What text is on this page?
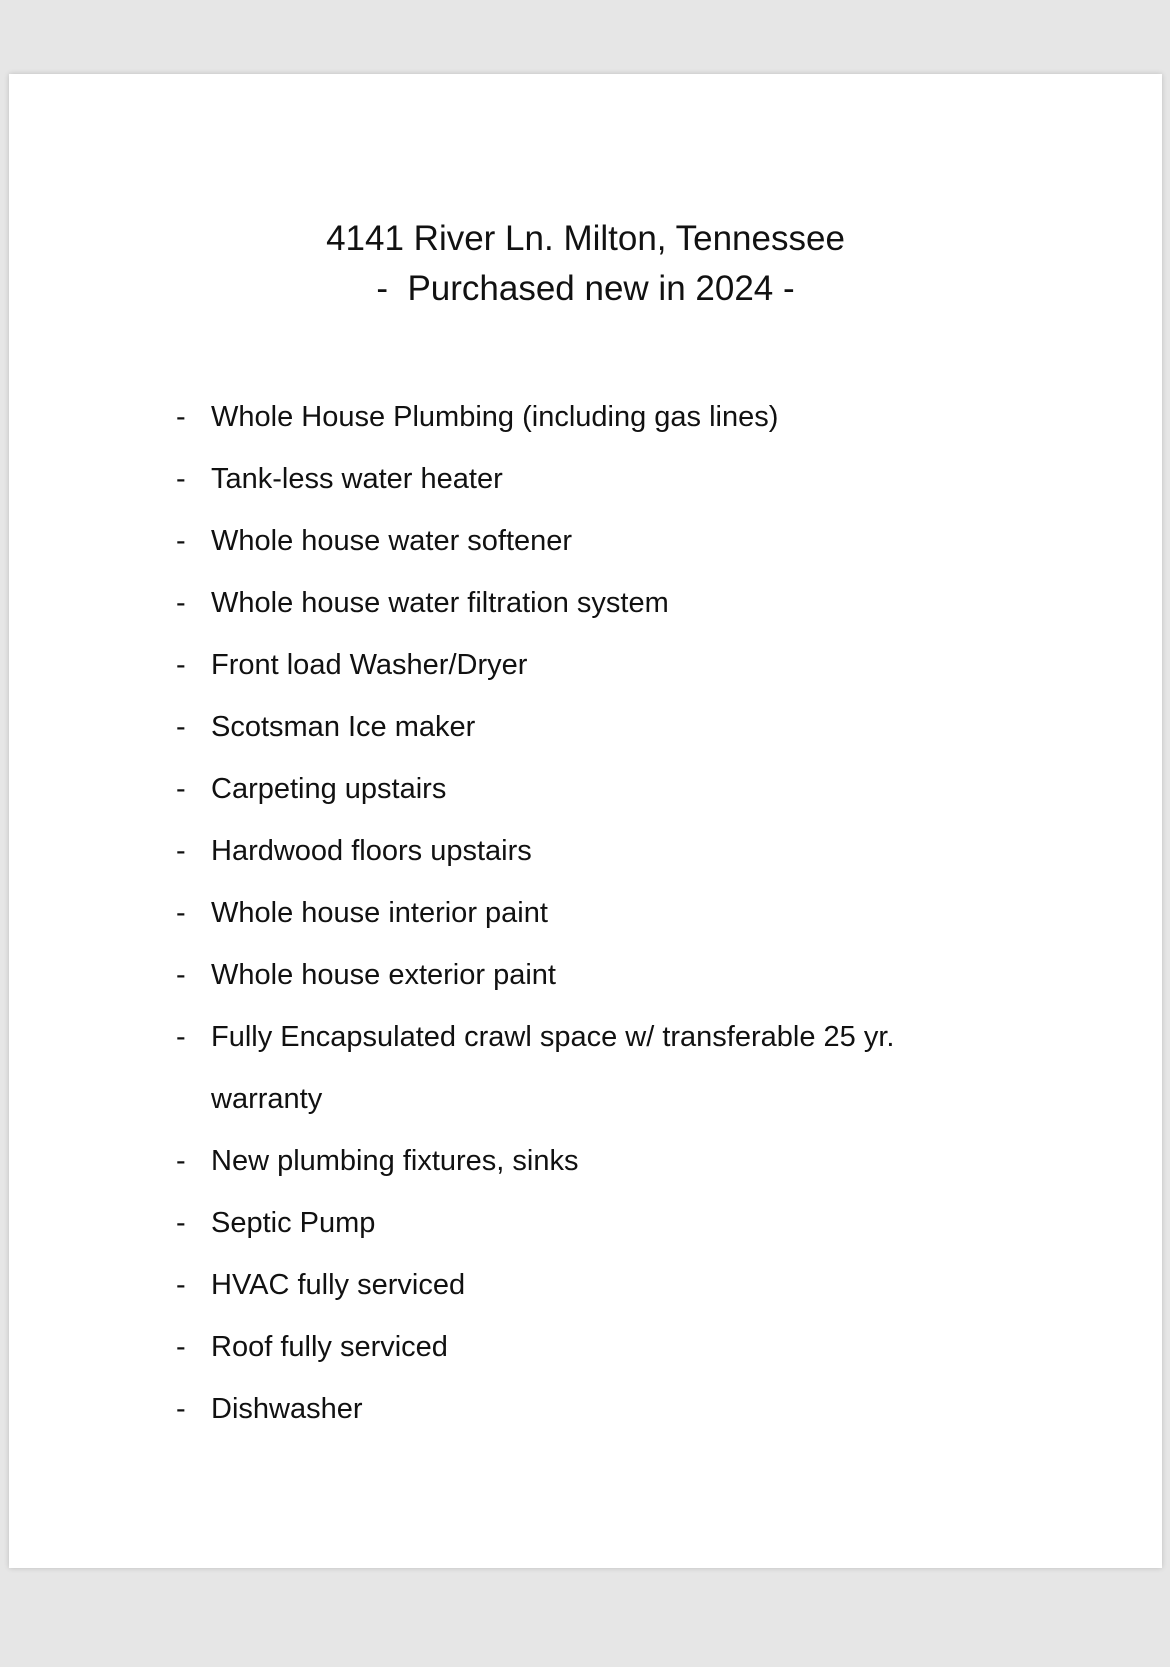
4141 River Ln. Milton, Tennessee
-  Purchased new in 2024 -
- Whole House Plumbing (including gas lines)
- Tank-less water heater
- Whole house water softener
- Whole house water filtration system
- Front load Washer/Dryer
- Scotsman Ice maker
- Carpeting upstairs
- Hardwood floors upstairs
- Whole house interior paint
- Whole house exterior paint
- Fully Encapsulated crawl space w/ transferable 25 yr. warranty
- New plumbing fixtures, sinks
- Septic Pump
- HVAC fully serviced
- Roof fully serviced
- Dishwasher
